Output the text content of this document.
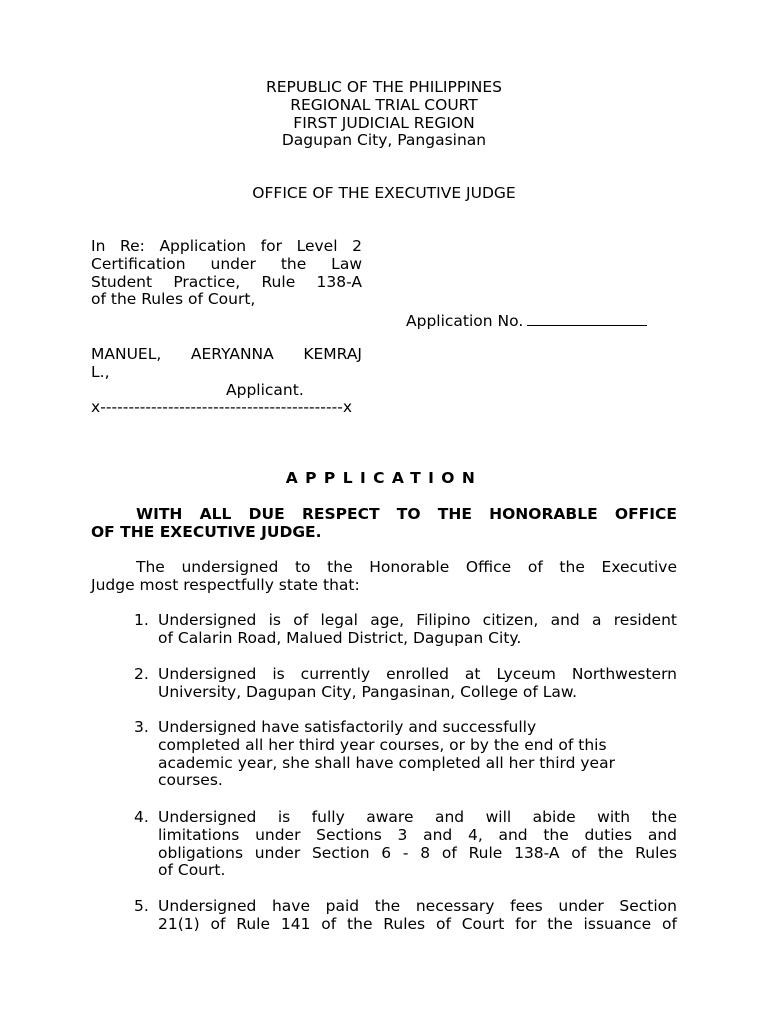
REPUBLIC OF THE PHILIPPINES
REGIONAL TRIAL COURT
FIRST JUDICIAL REGION
Dagupan City, Pangasinan
OFFICE OF THE EXECUTIVE JUDGE
In Re: Application for Level 2
Certification under the Law
Student Practice, Rule 138-A
of the Rules of Court,
Application No.
MANUEL, AERYANNA KEMRAJ
L.,
Applicant.
x-------------------------------------------x
APPLICATION
WITH ALL DUE RESPECT TO THE HONORABLE OFFICE
OF THE EXECUTIVE JUDGE.
The undersigned to the Honorable Office of the Executive
Judge most respectfully state that:
1. Undersigned is of legal age, Filipino citizen, and a resident
of Calarin Road, Malued District, Dagupan City.
2. Undersigned is currently enrolled at Lyceum Northwestern
University, Dagupan City, Pangasinan, College of Law.
3. Undersigned have satisfactorily and successfully
completed all her third year courses, or by the end of this
academic year, she shall have completed all her third year
courses.
4. Undersigned is fully aware and will abide with the
limitations under Sections 3 and 4, and the duties and
obligations under Section 6 - 8 of Rule 138-A of the Rules
of Court.
5. Undersigned have paid the necessary fees under Section
21(1) of Rule 141 of the Rules of Court for the issuance of
